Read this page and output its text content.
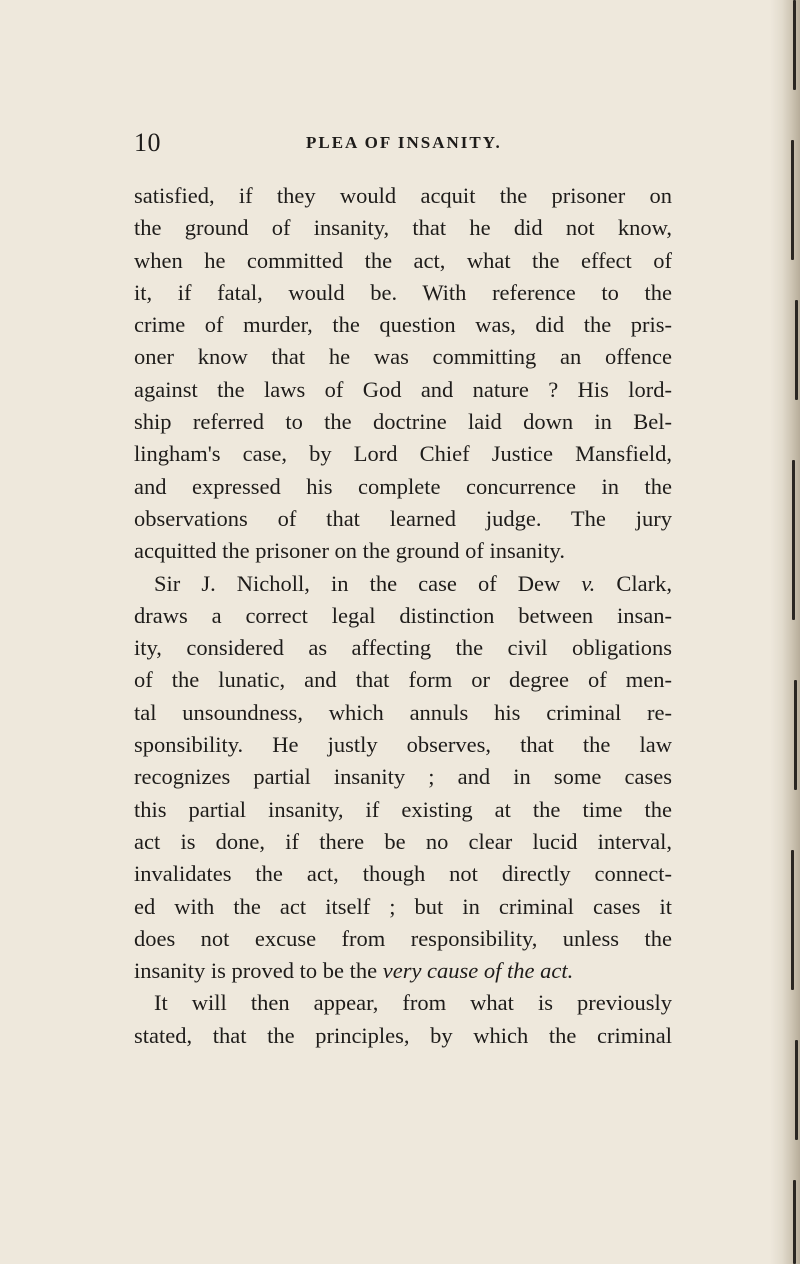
10	PLEA OF INSANITY.
satisfied, if they would acquit the prisoner on
the ground of insanity, that he did not know,
when he committed the act, what the effect of
it, if fatal, would be. With reference to the
crime of murder, the question was, did the pris-
oner know that he was committing an offence
against the laws of God and nature ? His lord-
ship referred to the doctrine laid down in Bel-
lingham's case, by Lord Chief Justice Mansfield,
and expressed his complete concurrence in the
observations of that learned judge. The jury
acquitted the prisoner on the ground of insanity.
Sir J. Nicholl, in the case of Dew v. Clark,
draws a correct legal distinction between insan-
ity, considered as affecting the civil obligations
of the lunatic, and that form or degree of men-
tal unsoundness, which annuls his criminal re-
sponsibility. He justly observes, that the law
recognizes partial insanity ; and in some cases
this partial insanity, if existing at the time the
act is done, if there be no clear lucid interval,
invalidates the act, though not directly connect-
ed with the act itself ; but in criminal cases it
does not excuse from responsibility, unless the
insanity is proved to be the very cause of the act.
It will then appear, from what is previously
stated, that the principles, by which the criminal
